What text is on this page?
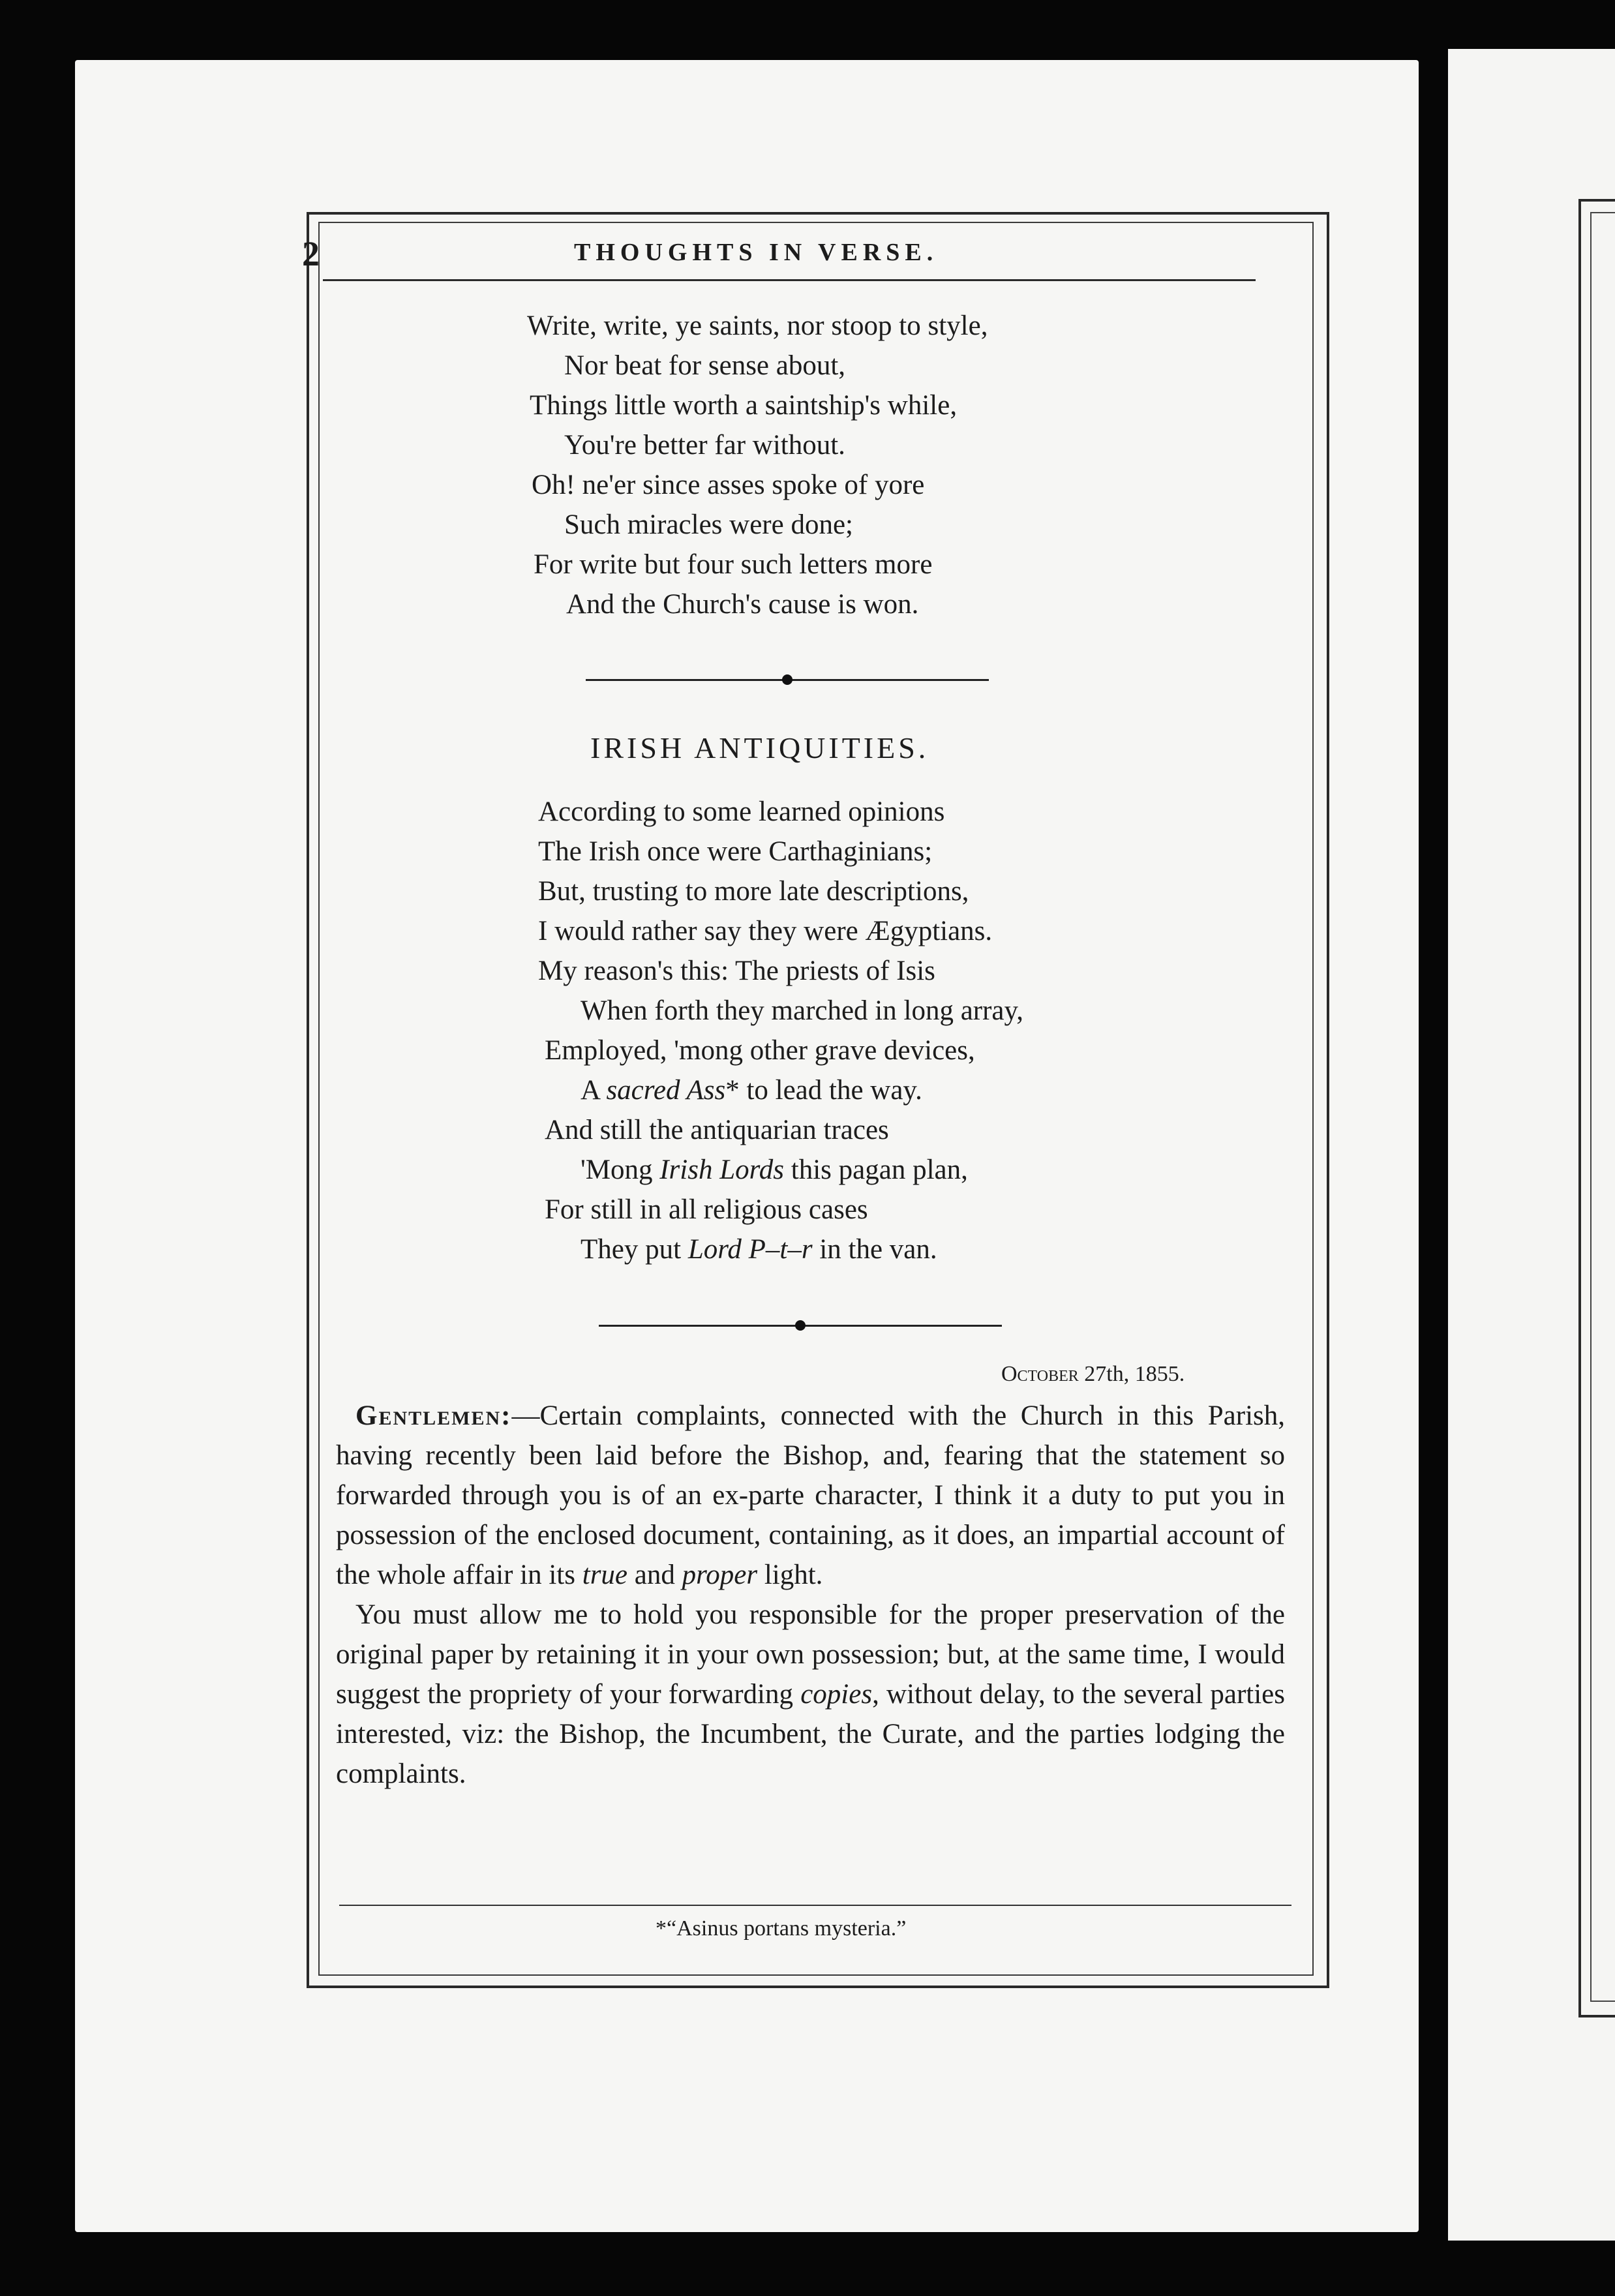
2	THOUGHTS IN VERSE.
Write, write, ye saints, nor stoop to style,
Nor beat for sense about,
Things little worth a saintship's while,
You're better far without.
Oh! ne'er since asses spoke of yore
Such miracles were done;
For write but four such letters more
And the Church's cause is won.
IRISH ANTIQUITIES.
According to some learned opinions
The Irish once were Carthaginians;
But, trusting to more late descriptions,
I would rather say they were Ægyptians.
My reason's this: The priests of Isis
When forth they marched in long array,
Employed, 'mong other grave devices,
A sacred Ass* to lead the way.
And still the antiquarian traces
'Mong Irish Lords this pagan plan,
For still in all religious cases
They put Lord P–t–r in the van.
October 27th, 1855.

Gentlemen:—Certain complaints, connected with the Church in this Parish, having recently been laid before the Bishop, and, fearing that the statement so forwarded through you is of an ex-parte character, I think it a duty to put you in possession of the enclosed document, containing, as it does, an impartial account of the whole affair in its true and proper light.

You must allow me to hold you responsible for the proper preservation of the original paper by retaining it in your own possession; but, at the same time, I would suggest the propriety of your forwarding copies, without delay, to the several parties interested, viz: the Bishop, the Incumbent, the Curate, and the parties lodging the complaints.

*“Asinus portans mysteria.”
